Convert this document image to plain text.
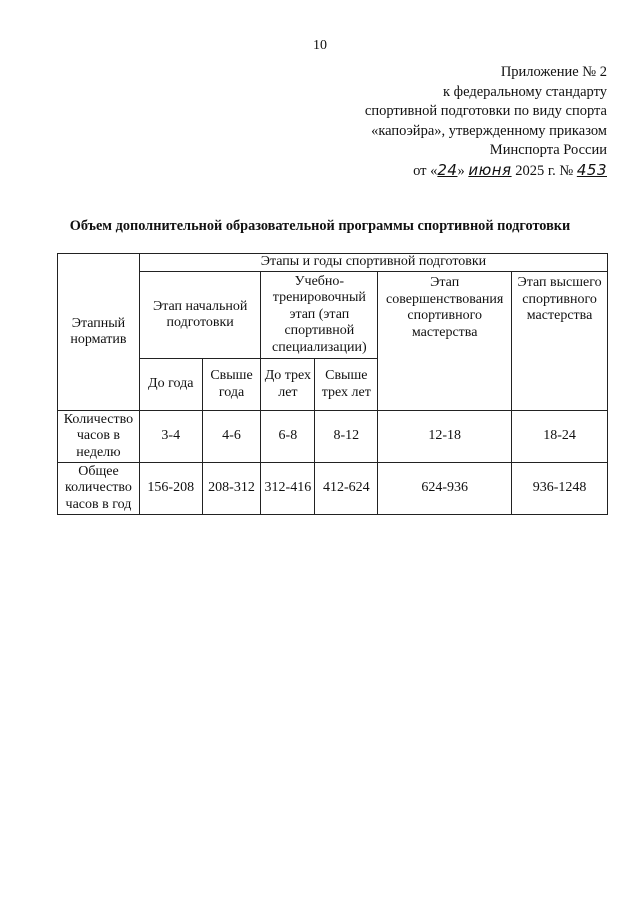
10
Приложение № 2
к федеральному стандарту
спортивной подготовки по виду спорта
«капоэйра», утвержденному приказом
Минспорта России
от «24» июня 2025 г. № 453
Объем дополнительной образовательной программы спортивной подготовки
Этапный норматив	Этапы и годы спортивной подготовки					
	Этап начальной подготовки		Учебно-тренировочный этап (этап спортивной специализации)		Этап совершенствования спортивного мастерства	Этап высшего спортивного мастерства
	До года	Свыше года	До трех лет	Свыше трех лет		
Количество часов в неделю	3-4	4-6	6-8	8-12	12-18	18-24
Общее количество часов в год	156-208	208-312	312-416	412-624	624-936	936-1248
